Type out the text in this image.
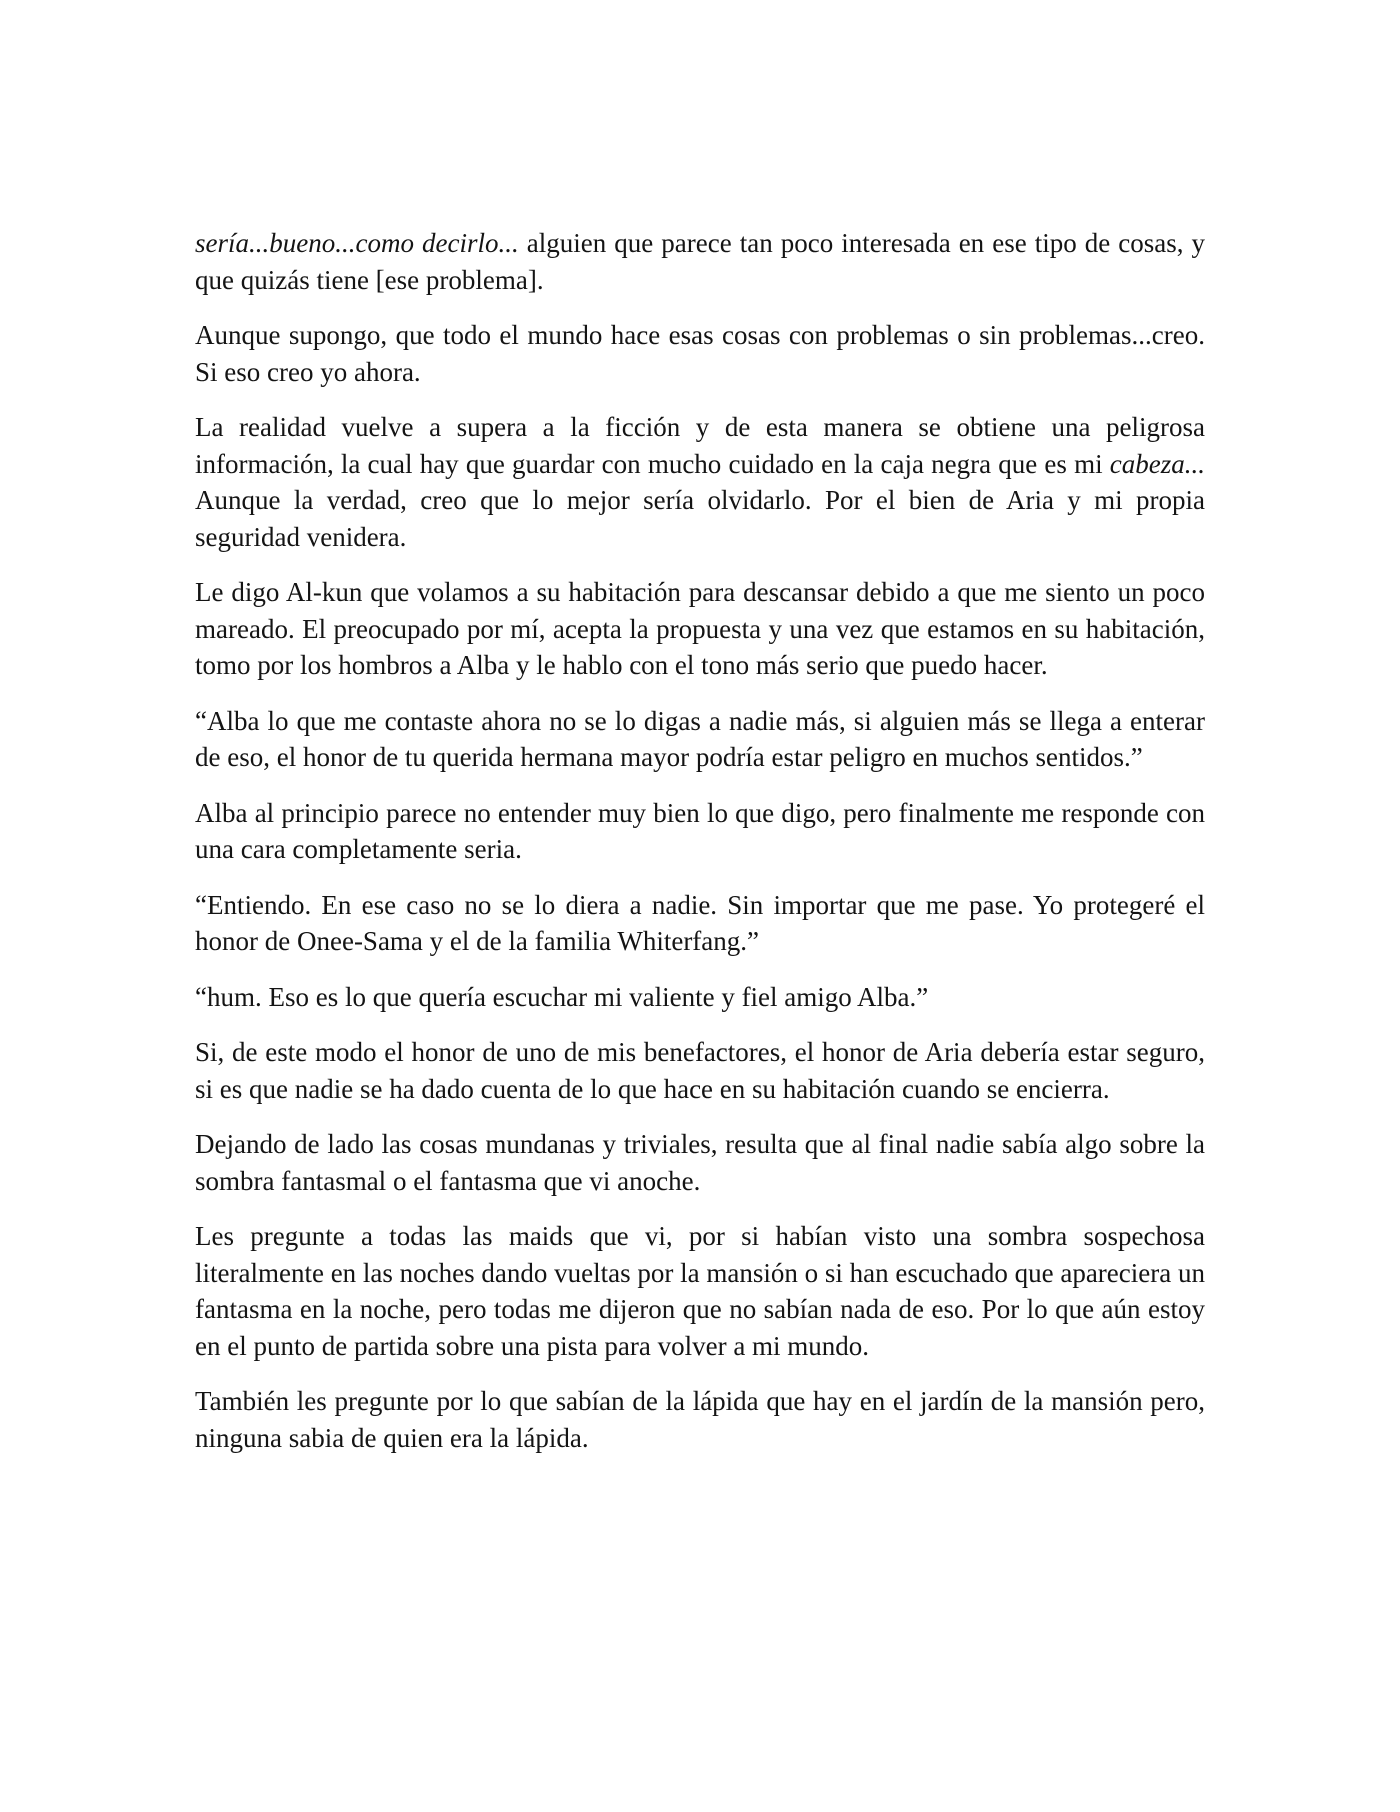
sería...bueno...como decirlo... alguien que parece tan poco interesada en ese tipo de cosas, y que quizás tiene [ese problema].

Aunque supongo, que todo el mundo hace esas cosas con problemas o sin problemas...creo. Si eso creo yo ahora.

La realidad vuelve a supera a la ficción y de esta manera se obtiene una peligrosa información, la cual hay que guardar con mucho cuidado en la caja negra que es mi cabeza... Aunque la verdad, creo que lo mejor sería olvidarlo. Por el bien de Aria y mi propia seguridad venidera.

Le digo Al-kun que volamos a su habitación para descansar debido a que me siento un poco mareado. El preocupado por mí, acepta la propuesta y una vez que estamos en su habitación, tomo por los hombros a Alba y le hablo con el tono más serio que puedo hacer.

“Alba lo que me contaste ahora no se lo digas a nadie más, si alguien más se llega a enterar de eso, el honor de tu querida hermana mayor podría estar peligro en muchos sentidos.”

Alba al principio parece no entender muy bien lo que digo, pero finalmente me responde con una cara completamente seria.

“Entiendo. En ese caso no se lo diera a nadie. Sin importar que me pase. Yo protegeré el honor de Onee-Sama y el de la familia Whiterfang.”

“hum. Eso es lo que quería escuchar mi valiente y fiel amigo Alba.”

Si, de este modo el honor de uno de mis benefactores, el honor de Aria debería estar seguro, si es que nadie se ha dado cuenta de lo que hace en su habitación cuando se encierra.

Dejando de lado las cosas mundanas y triviales, resulta que al final nadie sabía algo sobre la sombra fantasmal o el fantasma que vi anoche.

Les pregunte a todas las maids que vi, por si habían visto una sombra sospechosa literalmente en las noches dando vueltas por la mansión o si han escuchado que apareciera un fantasma en la noche, pero todas me dijeron que no sabían nada de eso. Por lo que aún estoy en el punto de partida sobre una pista para volver a mi mundo.

También les pregunte por lo que sabían de la lápida que hay en el jardín de la mansión pero, ninguna sabia de quien era la lápida.
